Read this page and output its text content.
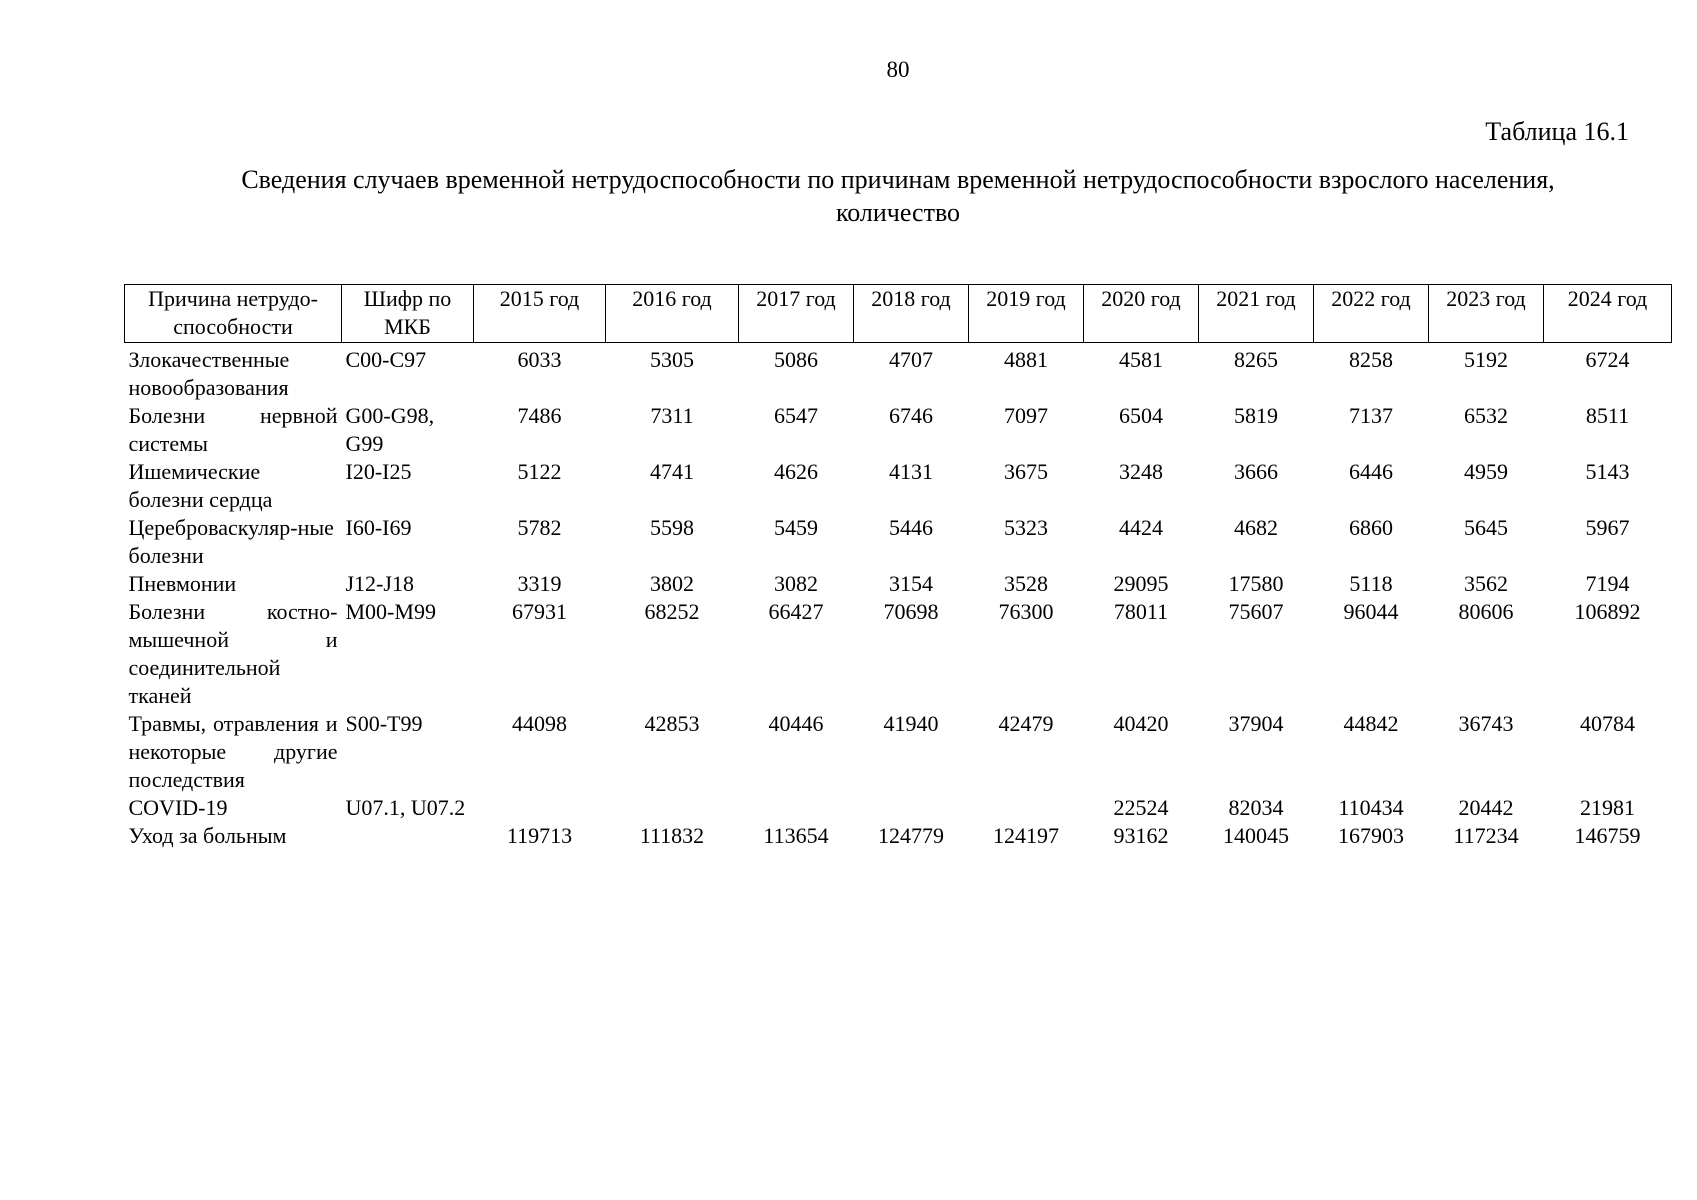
80
Таблица 16.1
Сведения случаев временной нетрудоспособности по причинам временной нетрудоспособности взрослого населения, количество
Причина нетрудо-способности	Шифр по МКБ	2015 год	2016 год	2017 год	2018 год	2019 год	2020 год	2021 год	2022 год	2023 год	2024 год
Злокачественные новообразования	С00-С97	6033	5305	5086	4707	4881	4581	8265	8258	5192	6724
Болезни нервной системы	G00-G98, G99	7486	7311	6547	6746	7097	6504	5819	7137	6532	8511
Ишемические болезни сердца	I20-I25	5122	4741	4626	4131	3675	3248	3666	6446	4959	5143
Цереброваскуляр-ные болезни	I60-I69	5782	5598	5459	5446	5323	4424	4682	6860	5645	5967
Пневмонии	J12-J18	3319	3802	3082	3154	3528	29095	17580	5118	3562	7194
Болезни костно-мышечной и соединительной тканей	M00-M99	67931	68252	66427	70698	76300	78011	75607	96044	80606	106892
Травмы, отравления и некоторые другие последствия	S00-T99	44098	42853	40446	41940	42479	40420	37904	44842	36743	40784
COVID-19	U07.1, U07.2						22524	82034	110434	20442	21981
Уход за больным		119713	111832	113654	124779	124197	93162	140045	167903	117234	146759
